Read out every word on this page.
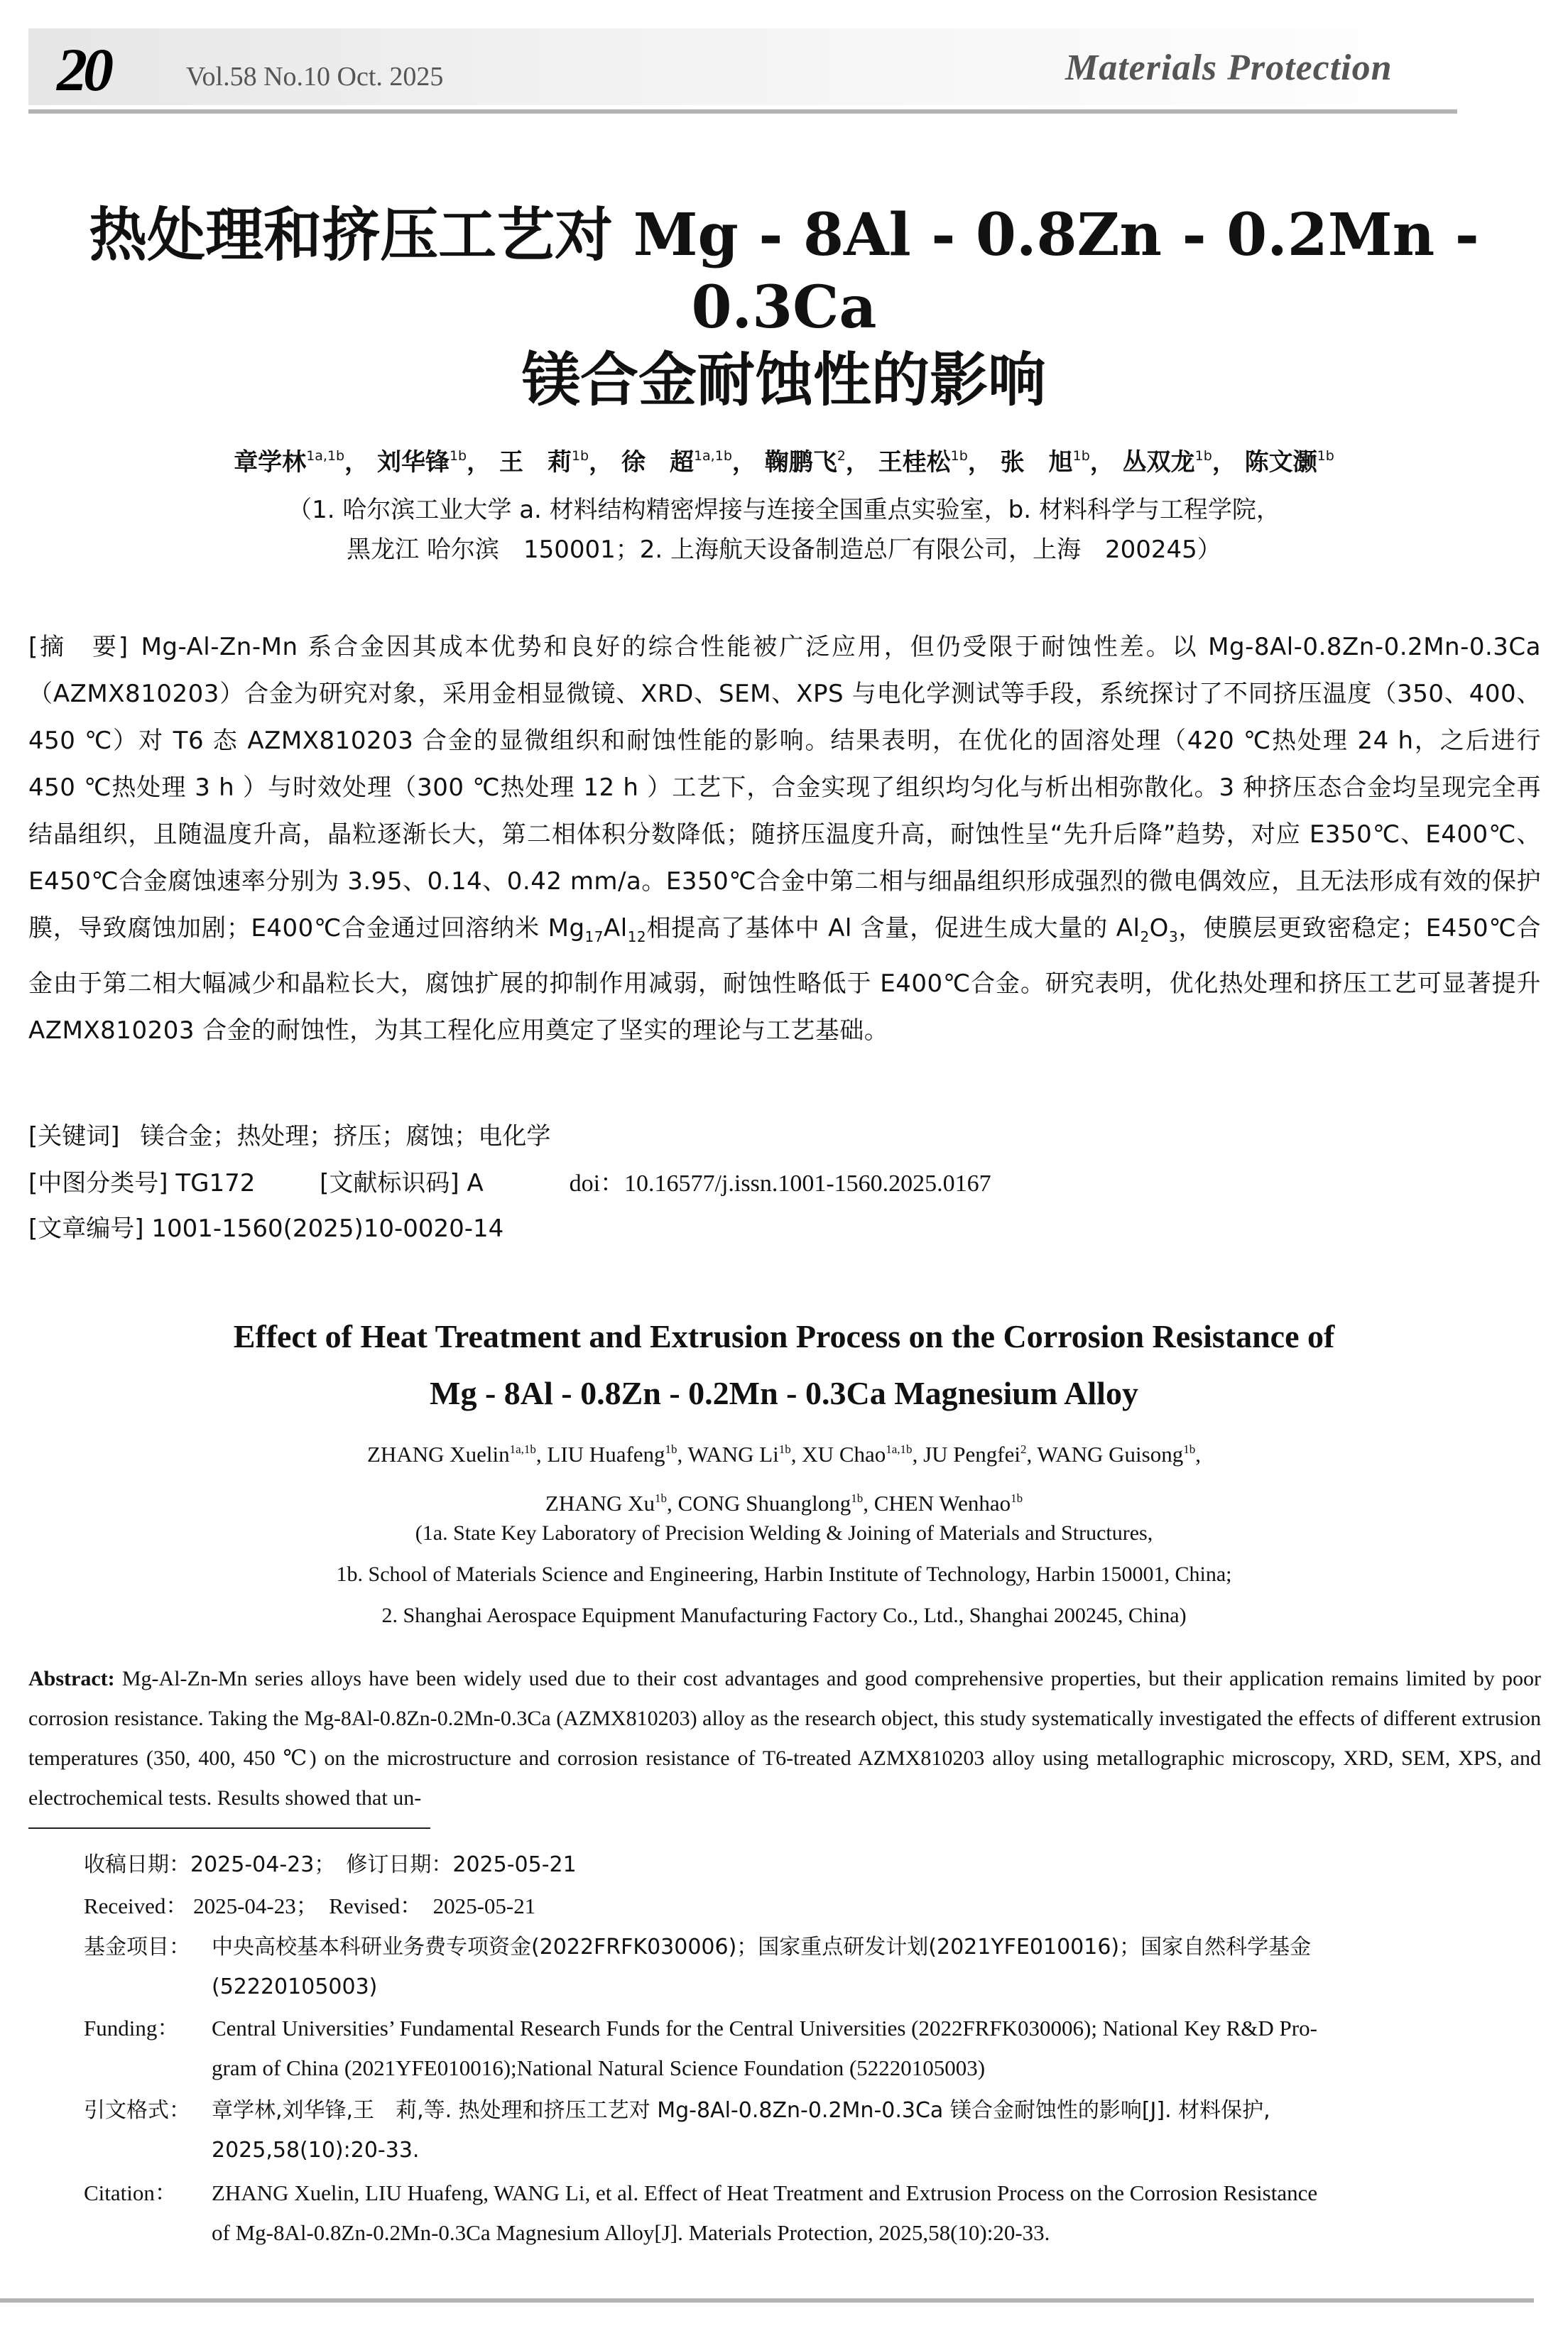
20	Vol.58 No.10 Oct. 2025	Materials Protection
热处理和挤压工艺对 Mg - 8Al - 0.8Zn - 0.2Mn - 0.3Ca
镁合金耐蚀性的影响
章学林$^{1a,1b}$， 刘华锋$^{1b}$， 王　莉$^{1b}$， 徐　超$^{1a,1b}$， 鞠鹏飞$^2$， 王桂松$^{1b}$， 张　旭$^{1b}$， 丛双龙$^{1b}$， 陈文灏$^{1b}$
（1. 哈尔滨工业大学 a. 材料结构精密焊接与连接全国重点实验室，b. 材料科学与工程学院，
黑龙江 哈尔滨　150001；2. 上海航天设备制造总厂有限公司，上海　200245）
[摘　要] Mg-Al-Zn-Mn 系合金因其成本优势和良好的综合性能被广泛应用，但仍受限于耐蚀性差。以 Mg-8Al-0.8Zn-0.2Mn-0.3Ca（AZMX810203）合金为研究对象，采用金相显微镜、XRD、SEM、XPS 与电化学测试等手段，系统探讨了不同挤压温度（350、400、450 ℃）对 T6 态 AZMX810203 合金的显微组织和耐蚀性能的影响。结果表明，在优化的固溶处理（420 ℃热处理 24 h，之后进行 450 ℃热处理 3 h ）与时效处理（300 ℃热处理 12 h ）工艺下，合金实现了组织均匀化与析出相弥散化。3 种挤压态合金均呈现完全再结晶组织，且随温度升高，晶粒逐渐长大，第二相体积分数降低；随挤压温度升高，耐蚀性呈“先升后降”趋势，对应 E350℃、E400℃、E450℃合金腐蚀速率分别为 3.95、0.14、0.42 mm/a。E350℃合金中第二相与细晶组织形成强烈的微电偶效应，且无法形成有效的保护膜，导致腐蚀加剧；E400℃合金通过回溶纳米 $Mg_{17}Al_{12}$相提高了基体中 Al 含量，促进生成大量的 $Al_2O_3$，使膜层更致密稳定；E450℃合金由于第二相大幅减少和晶粒长大，腐蚀扩展的抑制作用减弱，耐蚀性略低于 E400℃合金。研究表明，优化热处理和挤压工艺可显著提升 AZMX810203 合金的耐蚀性，为其工程化应用奠定了坚实的理论与工艺基础。
[关键词] 镁合金；热处理；挤压；腐蚀；电化学
[中图分类号] TG172	[文献标识码] A	doi：10.16577/j.issn.1001-1560.2025.0167
[文章编号] 1001-1560(2025)10-0020-14
Effect of Heat Treatment and Extrusion Process on the Corrosion Resistance of
Mg - 8Al - 0.8Zn - 0.2Mn - 0.3Ca Magnesium Alloy
ZHANG Xuelin$^{1a,1b}$, LIU Huafeng$^{1b}$, WANG $Li^{1b}$, XU Chao$^{1a,1b}$, JU Pengfei$^2$, WANG Guisong$^{1b}$,
ZHANG $Xu^{1b}$, CONG Shuanglong$^{1b}$, CHEN Wenhao$^{1b}$
(1a. State Key Laboratory of Precision Welding & Joining of Materials and Structures,
1b. School of Materials Science and Engineering, Harbin Institute of Technology, Harbin 150001, China;
2. Shanghai Aerospace Equipment Manufacturing Factory Co., Ltd., Shanghai 200245, China)
Abstract: Mg-Al-Zn-Mn series alloys have been widely used due to their cost advantages and good comprehensive properties, but their application remains limited by poor corrosion resistance. Taking the Mg-8Al-0.8Zn-0.2Mn-0.3Ca (AZMX810203) alloy as the research object, this study systematically investigated the effects of different extrusion temperatures (350, 400, 450 ℃) on the microstructure and corrosion resistance of T6-treated AZMX810203 alloy using metallographic microscopy, XRD, SEM, XPS, and electrochemical tests. Results showed that un-
收稿日期：2025-04-23；　 修订日期：2025-05-21
Received： 2025-04-23；　 Revised：　 2025-05-21
基金项目： 中央高校基本科研业务费专项资金(2022FRFK030006)；国家重点研发计划(2021YFE010016)；国家自然科学基金
(52220105003)
Funding： Central Universities’ Fundamental Research Funds for the Central Universities (2022FRFK030006); National Key R&D Pro-
gram of China (2021YFE010016);National Natural Science Foundation (52220105003)
引文格式： 章学林,刘华锋,王　莉,等. 热处理和挤压工艺对 Mg-8Al-0.8Zn-0.2Mn-0.3Ca 镁合金耐蚀性的影响[J]. 材料保护,
2025,58(10):20-33.
Citation： ZHANG Xuelin, LIU Huafeng, WANG Li, et al. Effect of Heat Treatment and Extrusion Process on the Corrosion Resistance
of Mg-8Al-0.8Zn-0.2Mn-0.3Ca Magnesium Alloy[J]. Materials Protection, 2025,58(10):20-33.
